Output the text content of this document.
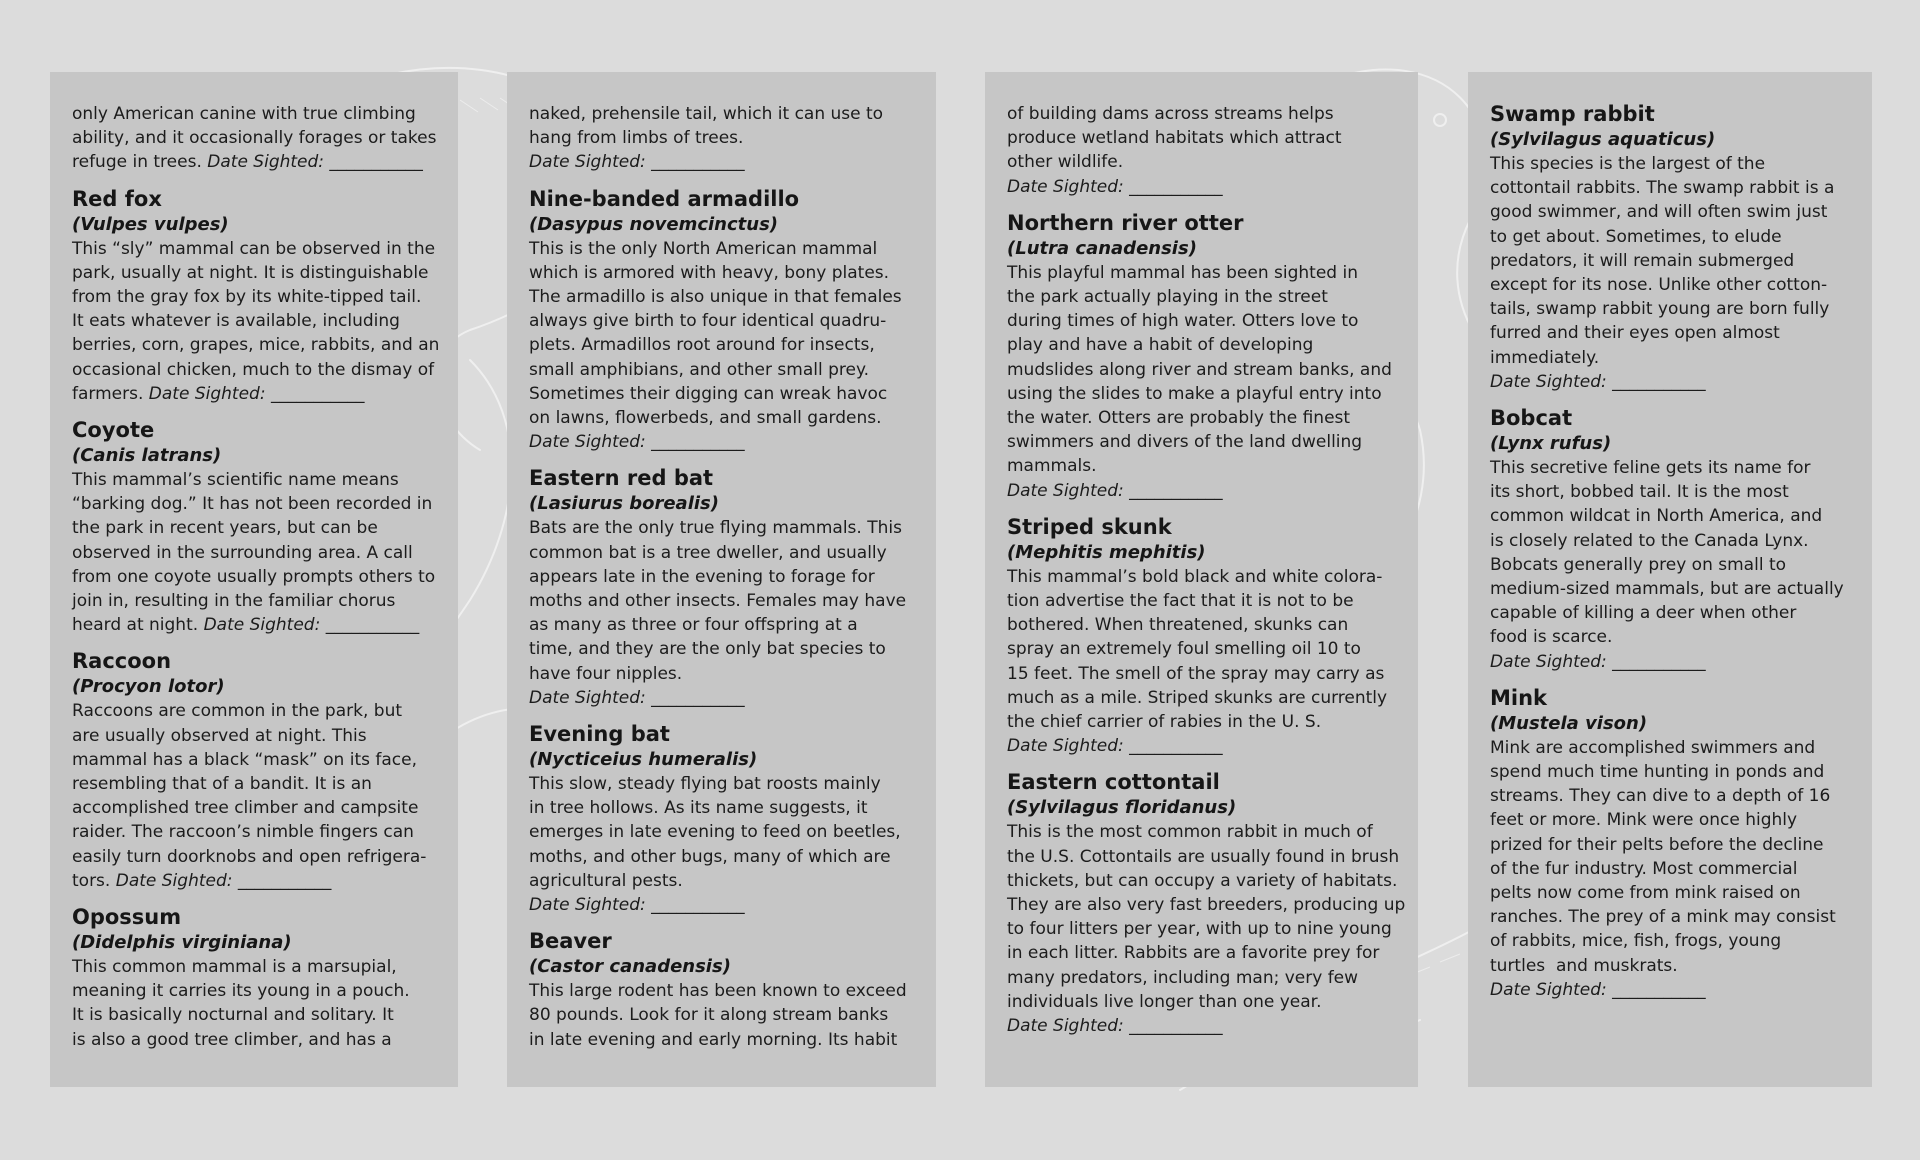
only American canine with true climbing
ability, and it occasionally forages or takes
refuge in trees. Date Sighted: ___________
Red fox
(Vulpes vulpes)
This “sly” mammal can be observed in the
park, usually at night. It is distinguishable
from the gray fox by its white-tipped tail.
It eats whatever is available, including
berries, corn, grapes, mice, rabbits, and an
occasional chicken, much to the dismay of
farmers. Date Sighted: ___________
Coyote
(Canis latrans)
This mammal’s scientific name means
“barking dog.” It has not been recorded in
the park in recent years, but can be
observed in the surrounding area. A call
from one coyote usually prompts others to
join in, resulting in the familiar chorus
heard at night. Date Sighted: ___________
Raccoon
(Procyon lotor)
Raccoons are common in the park, but
are usually observed at night. This
mammal has a black “mask” on its face,
resembling that of a bandit. It is an
accomplished tree climber and campsite
raider. The raccoon’s nimble fingers can
easily turn doorknobs and open refrigera-
tors. Date Sighted: ___________
Opossum
(Didelphis virginiana)
This common mammal is a marsupial,
meaning it carries its young in a pouch.
It is basically nocturnal and solitary. It
is also a good tree climber, and has a
naked, prehensile tail, which it can use to
hang from limbs of trees.
Date Sighted: ___________
Nine-banded armadillo
(Dasypus novemcinctus)
This is the only North American mammal
which is armored with heavy, bony plates.
The armadillo is also unique in that females
always give birth to four identical quadru-
plets. Armadillos root around for insects,
small amphibians, and other small prey.
Sometimes their digging can wreak havoc
on lawns, flowerbeds, and small gardens.
Date Sighted: ___________
Eastern red bat
(Lasiurus borealis)
Bats are the only true flying mammals. This
common bat is a tree dweller, and usually
appears late in the evening to forage for
moths and other insects. Females may have
as many as three or four offspring at a
time, and they are the only bat species to
have four nipples.
Date Sighted: ___________
Evening bat
(Nycticeius humeralis)
This slow, steady flying bat roosts mainly
in tree hollows. As its name suggests, it
emerges in late evening to feed on beetles,
moths, and other bugs, many of which are
agricultural pests.
Date Sighted: ___________
Beaver
(Castor canadensis)
This large rodent has been known to exceed
80 pounds. Look for it along stream banks
in late evening and early morning. Its habit
of building dams across streams helps
produce wetland habitats which attract
other wildlife.
Date Sighted: ___________
Northern river otter
(Lutra canadensis)
This playful mammal has been sighted in
the park actually playing in the street
during times of high water. Otters love to
play and have a habit of developing
mudslides along river and stream banks, and
using the slides to make a playful entry into
the water. Otters are probably the finest
swimmers and divers of the land dwelling
mammals.
Date Sighted: ___________
Striped skunk
(Mephitis mephitis)
This mammal’s bold black and white colora-
tion advertise the fact that it is not to be
bothered. When threatened, skunks can
spray an extremely foul smelling oil 10 to
15 feet. The smell of the spray may carry as
much as a mile. Striped skunks are currently
the chief carrier of rabies in the U. S.
Date Sighted: ___________
Eastern cottontail
(Sylvilagus floridanus)
This is the most common rabbit in much of
the U.S. Cottontails are usually found in brush
thickets, but can occupy a variety of habitats.
They are also very fast breeders, producing up
to four litters per year, with up to nine young
in each litter. Rabbits are a favorite prey for
many predators, including man; very few
individuals live longer than one year.
Date Sighted: ___________
Swamp rabbit
(Sylvilagus aquaticus)
This species is the largest of the
cottontail rabbits. The swamp rabbit is a
good swimmer, and will often swim just
to get about. Sometimes, to elude
predators, it will remain submerged
except for its nose. Unlike other cotton-
tails, swamp rabbit young are born fully
furred and their eyes open almost
immediately.
Date Sighted: ___________
Bobcat
(Lynx rufus)
This secretive feline gets its name for
its short, bobbed tail. It is the most
common wildcat in North America, and
is closely related to the Canada Lynx.
Bobcats generally prey on small to
medium-sized mammals, but are actually
capable of killing a deer when other
food is scarce.
Date Sighted: ___________
Mink
(Mustela vison)
Mink are accomplished swimmers and
spend much time hunting in ponds and
streams. They can dive to a depth of 16
feet or more. Mink were once highly
prized for their pelts before the decline
of the fur industry. Most commercial
pelts now come from mink raised on
ranches. The prey of a mink may consist
of rabbits, mice, fish, frogs, young
turtles  and muskrats.
Date Sighted: ___________
